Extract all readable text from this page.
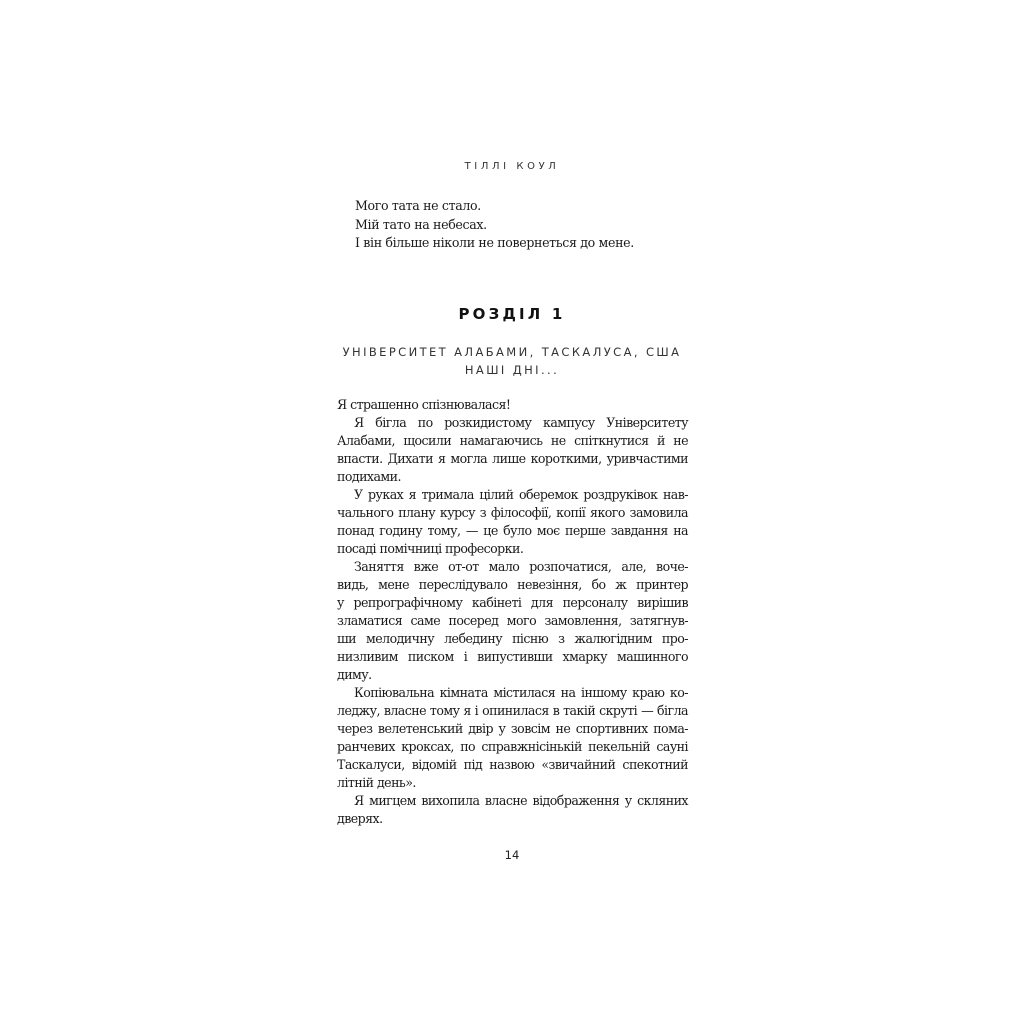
ТІЛЛІ КОУЛ
Мого тата не стало.
Мій тато на небесах.
І він більше ніколи не повернеться до мене.
РОЗДІЛ 1
УНІВЕРСИТЕТ АЛАБАМИ, ТАСКАЛУСА, США
НАШІ ДНІ...
Я страшенно спізнювалася!
Я бігла по розкидистому кампусу Університету
Алабами, щосили намагаючись не спіткнутися й не
впасти. Дихати я могла лише короткими, уривчастими
подихами.
У руках я тримала цілий оберемок роздруківок нав-
чального плану курсу з філософії, копії якого замовила
понад годину тому, — це було моє перше завдання на
посаді помічниці професорки.
Заняття вже от-от мало розпочатися, але, воче-
видь, мене переслідувало невезіння, бо ж принтер
у репрографічному кабінеті для персоналу вирішив
зламатися саме посеред мого замовлення, затягнув-
ши мелодичну лебедину пісню з жалюгідним про-
низливим писком і випустивши хмарку машинного
диму.
Копіювальна кімната містилася на іншому краю ко-
леджу, власне тому я і опинилася в такій скруті — бігла
через велетенський двір у зовсім не спортивних пома-
ранчевих кроксах, по справжнісінькій пекельній сауні
Таскалуси, відомій під назвою «звичайний спекотний
літній день».
Я мигцем вихопила власне відображення у скляних
дверях.
14
